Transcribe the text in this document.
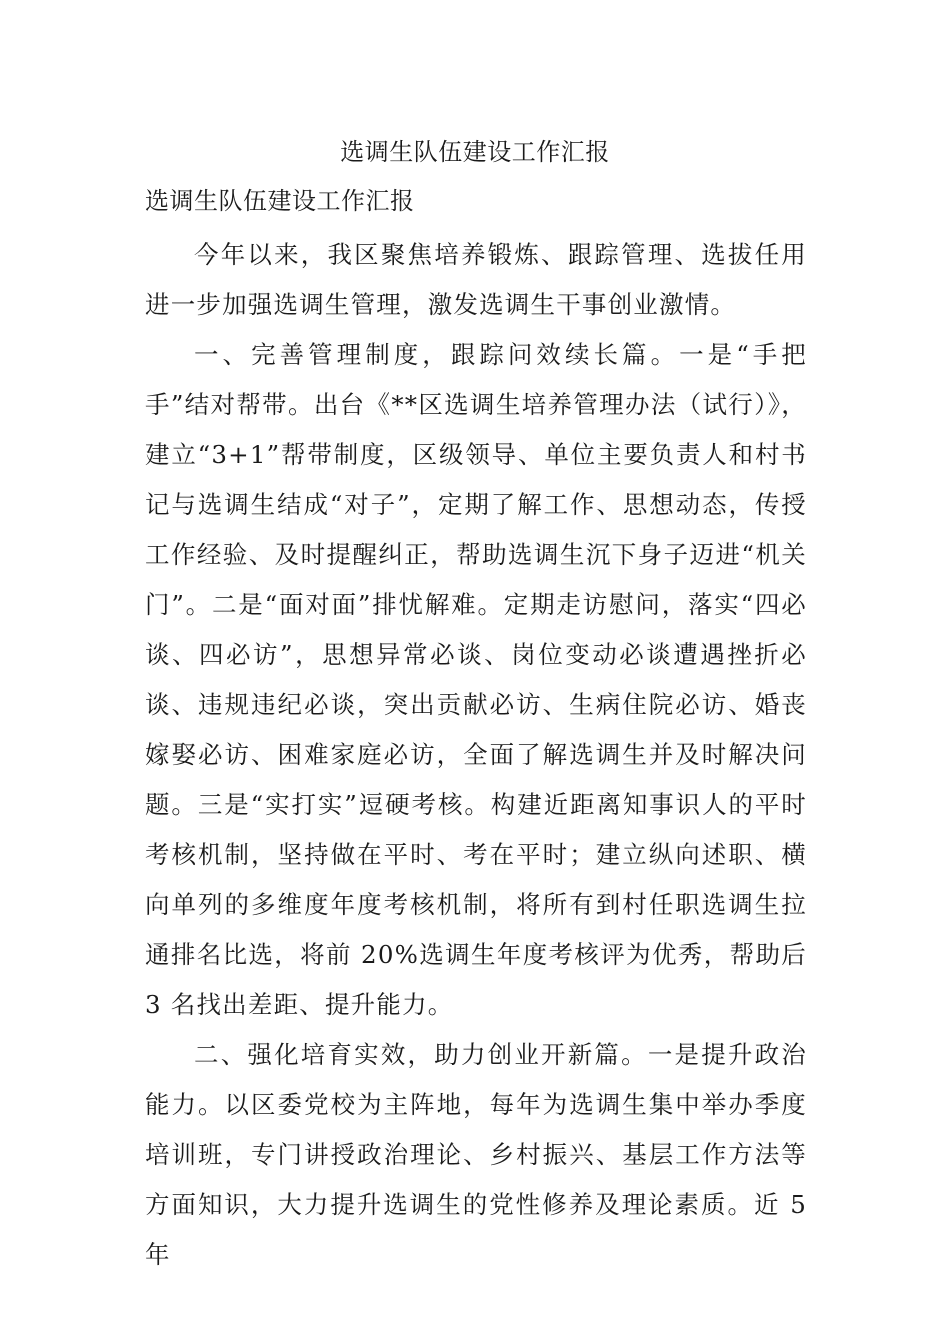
选调生队伍建设工作汇报
选调生队伍建设工作汇报

今年以来，我区聚焦培养锻炼、跟踪管理、选拔任用进一步加强选调生管理，激发选调生干事创业激情。

一、完善管理制度，跟踪问效续长篇。一是“手把手”结对帮带。出台《**区选调生培养管理办法（试行）》，建立“3+1”帮带制度，区级领导、单位主要负责人和村书记与选调生结成“对子”，定期了解工作、思想动态，传授工作经验、及时提醒纠正，帮助选调生沉下身子迈进“机关门”。二是“面对面”排忧解难。定期走访慰问，落实“四必谈、四必访”，思想异常必谈、岗位变动必谈遭遇挫折必谈、违规违纪必谈，突出贡献必访、生病住院必访、婚丧嫁娶必访、困难家庭必访，全面了解选调生并及时解决问题。三是“实打实”逗硬考核。构建近距离知事识人的平时考核机制，坚持做在平时、考在平时；建立纵向述职、横向单列的多维度年度考核机制，将所有到村任职选调生拉通排名比选，将前 20%选调生年度考核评为优秀，帮助后 3 名找出差距、提升能力。

二、强化培育实效，助力创业开新篇。一是提升政治能力。以区委党校为主阵地，每年为选调生集中举办季度培训班，专门讲授政治理论、乡村振兴、基层工作方法等方面知识，大力提升选调生的党性修养及理论素质。近 5 年
